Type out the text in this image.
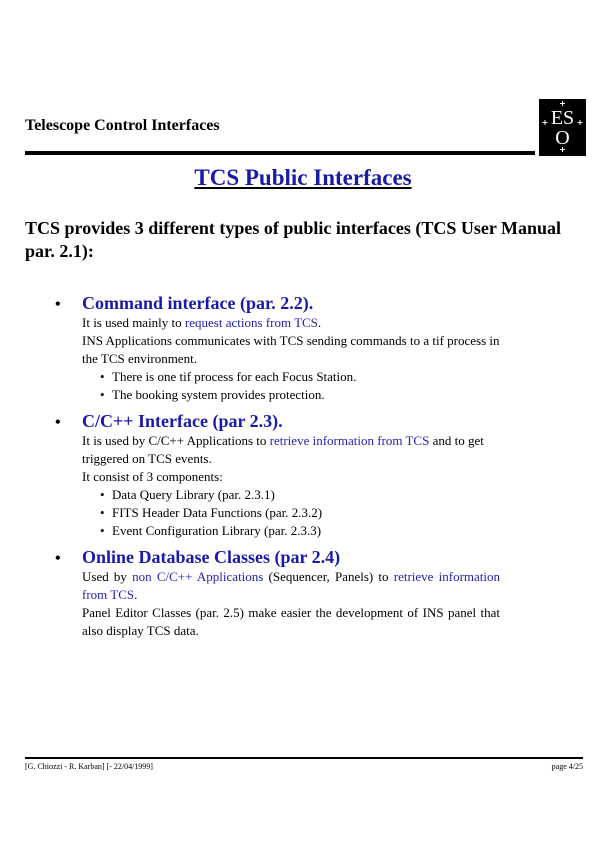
Telescope Control Interfaces	ES
O
TCS Public Interfaces
TCS provides 3 different types of public interfaces (TCS User Manual par. 2.1):
•	Command interface (par. 2.2).

It is used mainly to request actions from TCS.

INS Applications communicates with TCS sending commands to a tif process in the TCS environment.

• There is one tif process for each Focus Station.
• The booking system provides protection.
•	C/C++ Interface (par 2.3).

It is used by C/C++ Applications to retrieve information from TCS and to get triggered on TCS events.

It consist of 3 components:

• Data Query Library (par. 2.3.1)
• FITS Header Data Functions (par. 2.3.2)
• Event Configuration Library (par. 2.3.3)
•	Online Database Classes (par 2.4)

Used by non C/C++ Applications (Sequencer, Panels) to retrieve information from TCS.

Panel Editor Classes (par. 2.5) make easier the development of INS panel that also display TCS data.

[G. Chiozzi - R. Karban] [- 22/04/1999]	page 4/25
